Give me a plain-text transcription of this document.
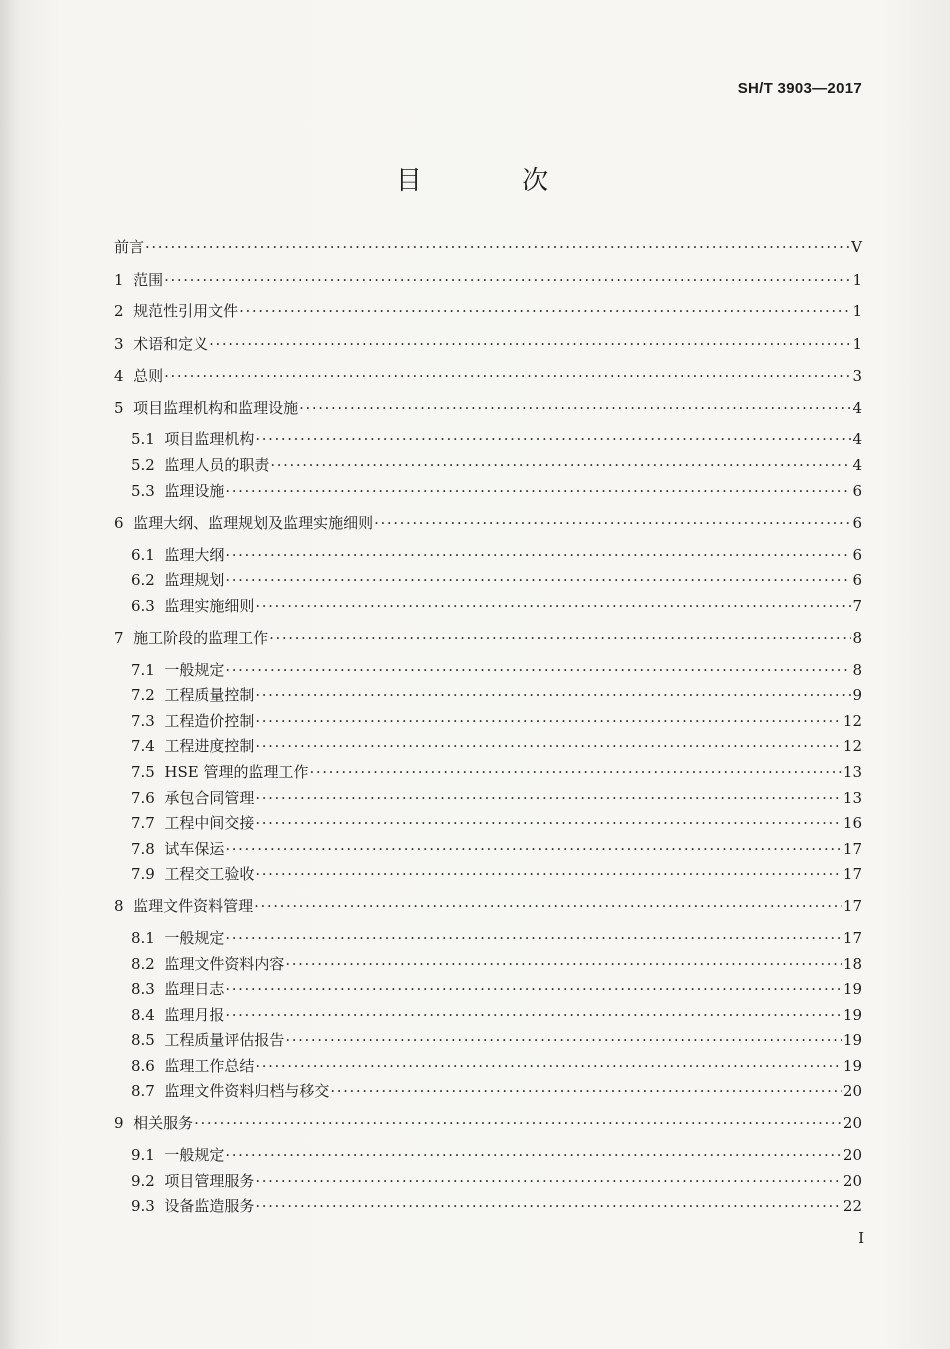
SH/T 3903—2017
目 次
前言 ·····	V
1 范围 ·····	1
2 规范性引用文件 ·····	1
3 术语和定义 ·····	1
4 总则 ·····	3
5 项目监理机构和监理设施 ·····	4
5.1 项目监理机构 ·····	4
5.2 监理人员的职责 ·····	4
5.3 监理设施 ·····	6
6 监理大纲、监理规划及监理实施细则 ·····	6
6.1 监理大纲 ·····	6
6.2 监理规划 ·····	6
6.3 监理实施细则 ·····	7
7 施工阶段的监理工作 ·····	8
7.1 一般规定 ·····	8
7.2 工程质量控制 ·····	9
7.3 工程造价控制 ·····	12
7.4 工程进度控制 ·····	12
7.5 HSE 管理的监理工作 ·····	13
7.6 承包合同管理 ·····	13
7.7 工程中间交接 ·····	16
7.8 试车保运 ·····	17
7.9 工程交工验收 ·····	17
8 监理文件资料管理 ·····	17
8.1 一般规定 ·····	17
8.2 监理文件资料内容 ·····	18
8.3 监理日志 ·····	19
8.4 监理月报 ·····	19
8.5 工程质量评估报告 ·····	19
8.6 监理工作总结 ·····	19
8.7 监理文件资料归档与移交 ·····	20
9 相关服务 ·····	20
9.1 一般规定 ·····	20
9.2 项目管理服务 ·····	20
9.3 设备监造服务 ·····	22
I
